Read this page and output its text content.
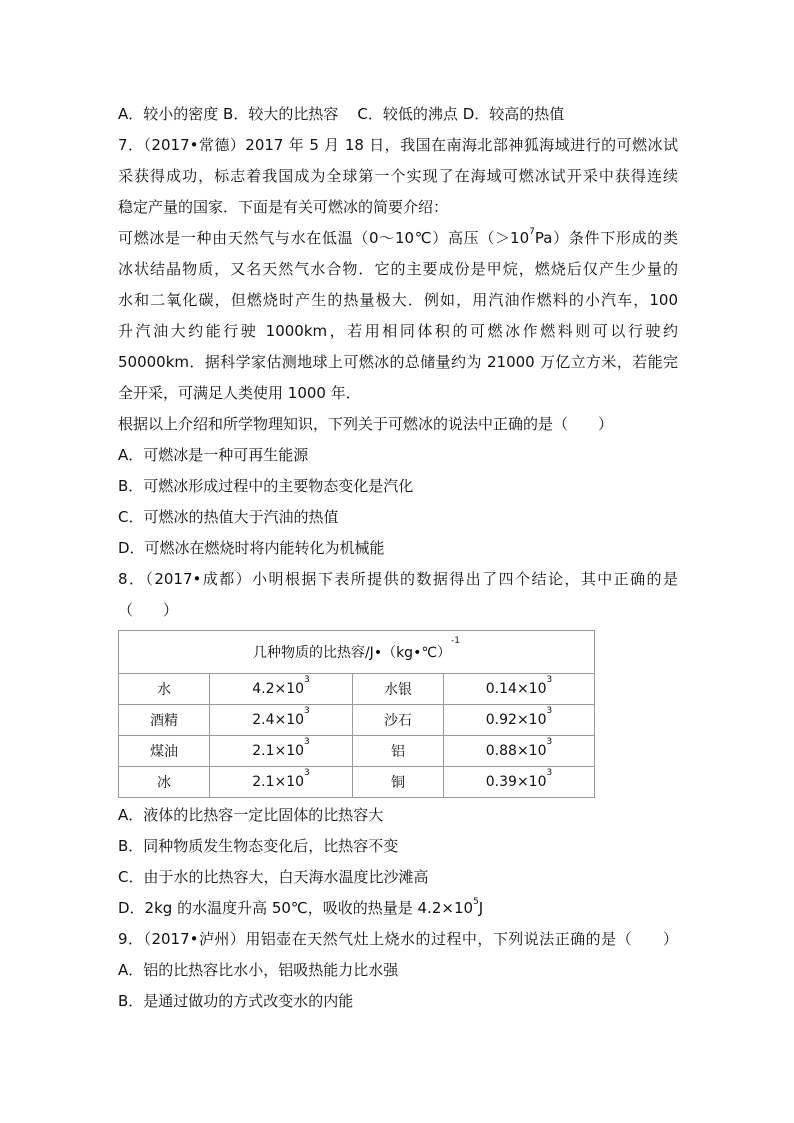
A．较小的密度 B．较大的比热容 C．较低的沸点 D．较高的热值
7．（2017•常德）2017 年 5 月 18 日，我国在南海北部神狐海域进行的可燃冰试
采获得成功，标志着我国成为全球第一个实现了在海域可燃冰试开采中获得连续
稳定产量的国家．下面是有关可燃冰的简要介绍：
可燃冰是一种由天然气与水在低温（0～10℃）高压$(>10^7Pa)$条件下形成的类
冰状结晶物质，又名天然气水合物．它的主要成份是甲烷，燃烧后仅产生少量的
水和二氧化碳，但燃烧时产生的热量极大．例如，用汽油作燃料的小汽车，100
升汽油大约能行驶 1000km，若用相同体积的可燃冰作燃料则可以行驶约
50000km．据科学家估测地球上可燃冰的总储量约为 21000 万亿立方米，若能完
全开采，可满足人类使用 1000 年．
根据以上介绍和所学物理知识，下列关于可燃冰的说法中正确的是（　　）
A．可燃冰是一种可再生能源
B．可燃冰形成过程中的主要物态变化是汽化
C．可燃冰的热值大于汽油的热值
D．可燃冰在燃烧时将内能转化为机械能
8．（2017•成都）小明根据下表所提供的数据得出了四个结论，其中正确的是
（　　）
几种物质的比热容/J•（kg•℃）$^{-1}$
水	$4.2\times 10^3$	水银	$0.14\times 10^3$
酒精	$2.4\times 10^3$	沙石	$0.92\times 10^3$
煤油	$2.1\times 10^3$	铝	$0.88\times 10^3$
冰	$2.1\times 10^3$	铜	$0.39\times 10^3$
A．液体的比热容一定比固体的比热容大
B．同种物质发生物态变化后，比热容不变
C．由于水的比热容大，白天海水温度比沙滩高
D．2kg 的水温度升高 50℃，吸收的热量是 $4.2\times 10^5J$
9．（2017•泸州）用铝壶在天然气灶上烧水的过程中，下列说法正确的是（　　）
A．铝的比热容比水小，铝吸热能力比水强
B．是通过做功的方式改变水的内能
